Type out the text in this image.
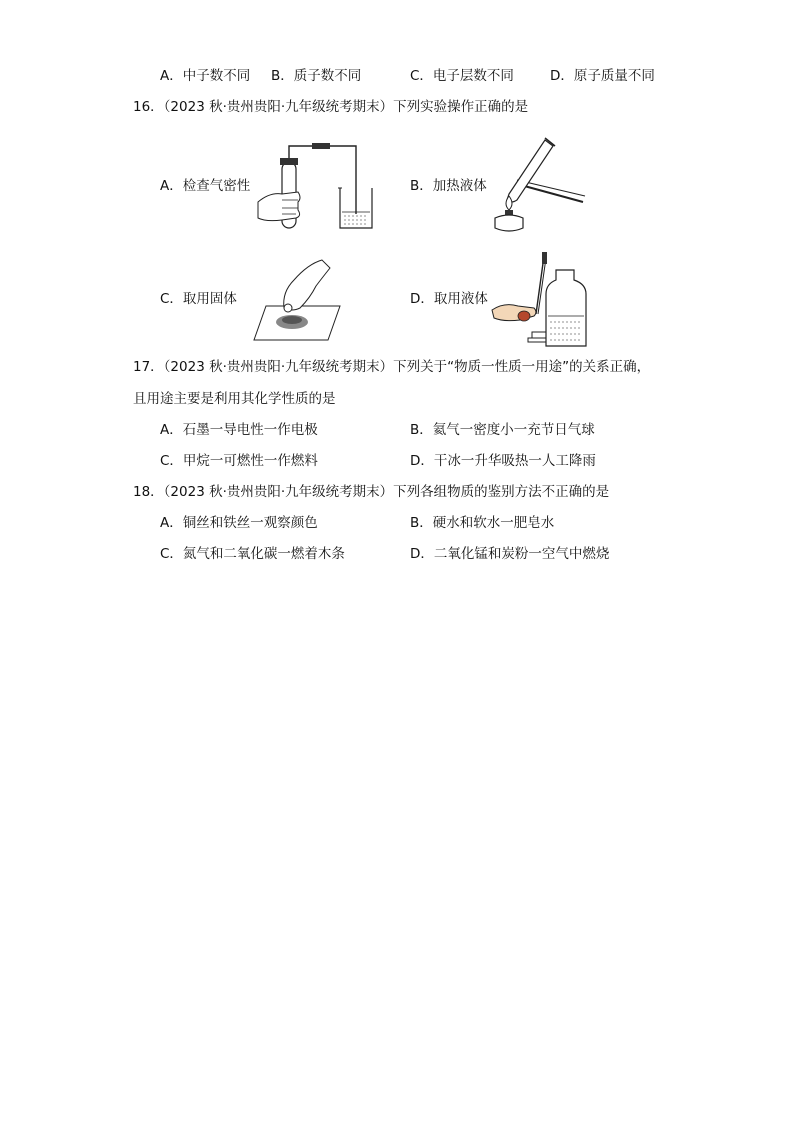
A．中子数不同 B．质子数不同	C．电子层数不同	D．原子质量不同
16．（2023 秋·贵州贵阳·九年级统考期末）下列实验操作正确的是
A．检查气密性	B．加热液体
C．取用固体	D．取用液体
17．（2023 秋·贵州贵阳·九年级统考期末）下列关于“物质一性质一用途”的关系正确，
且用途主要是利用其化学性质的是
A．石墨一导电性一作电极	B．氦气一密度小一充节日气球
C．甲烷一可燃性一作燃料	D．干冰一升华吸热一人工降雨
18．（2023 秋·贵州贵阳·九年级统考期末）下列各组物质的鉴别方法不正确的是
A．铜丝和铁丝一观察颜色	B．硬水和软水一肥皂水
C．氮气和二氧化碳一燃着木条	D．二氧化锰和炭粉一空气中燃烧
